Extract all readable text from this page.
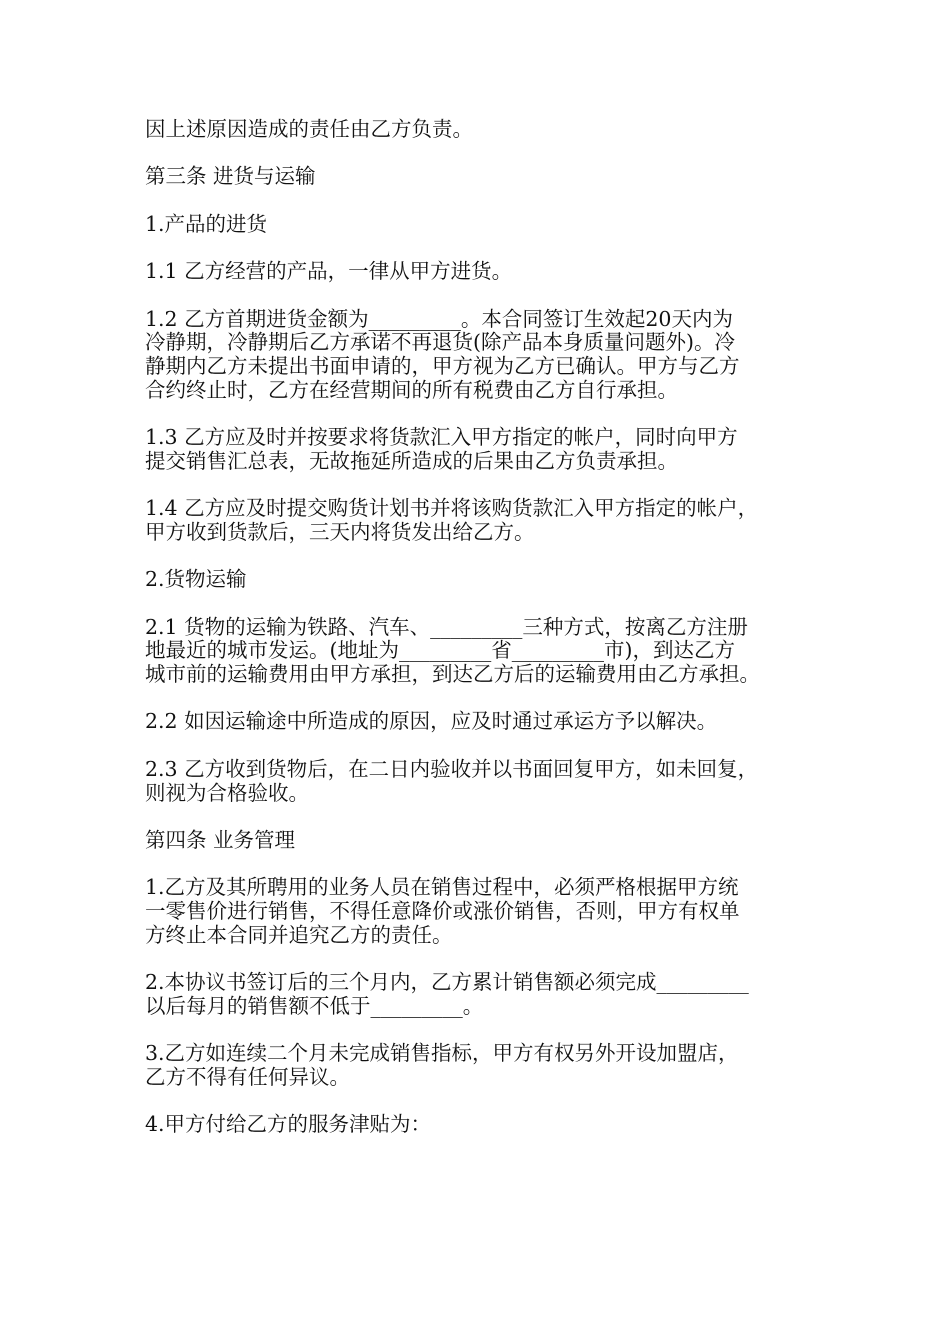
因上述原因造成的责任由乙方负责。

第三条 进货与运输

1.产品的进货

1.1 乙方经营的产品，一律从甲方进货。

1.2 乙方首期进货金额为_________。本合同签订生效起20天内为
冷静期，冷静期后乙方承诺不再退货(除产品本身质量问题外)。冷
静期内乙方未提出书面申请的，甲方视为乙方已确认。甲方与乙方
合约终止时，乙方在经营期间的所有税费由乙方自行承担。

1.3 乙方应及时并按要求将货款汇入甲方指定的帐户，同时向甲方
提交销售汇总表，无故拖延所造成的后果由乙方负责承担。

1.4 乙方应及时提交购货计划书并将该购货款汇入甲方指定的帐户，
甲方收到货款后，三天内将货发出给乙方。

2.货物运输

2.1 货物的运输为铁路、汽车、_________三种方式，按离乙方注册
地最近的城市发运。(地址为_________省_________市)，到达乙方
城市前的运输费用由甲方承担，到达乙方后的运输费用由乙方承担。

2.2 如因运输途中所造成的原因，应及时通过承运方予以解决。

2.3 乙方收到货物后，在二日内验收并以书面回复甲方，如未回复，
则视为合格验收。

第四条 业务管理

1.乙方及其所聘用的业务人员在销售过程中，必须严格根据甲方统
一零售价进行销售，不得任意降价或涨价销售，否则，甲方有权单
方终止本合同并追究乙方的责任。

2.本协议书签订后的三个月内，乙方累计销售额必须完成_________
以后每月的销售额不低于_________。

3.乙方如连续二个月未完成销售指标，甲方有权另外开设加盟店，
乙方不得有任何异议。

4.甲方付给乙方的服务津贴为：
